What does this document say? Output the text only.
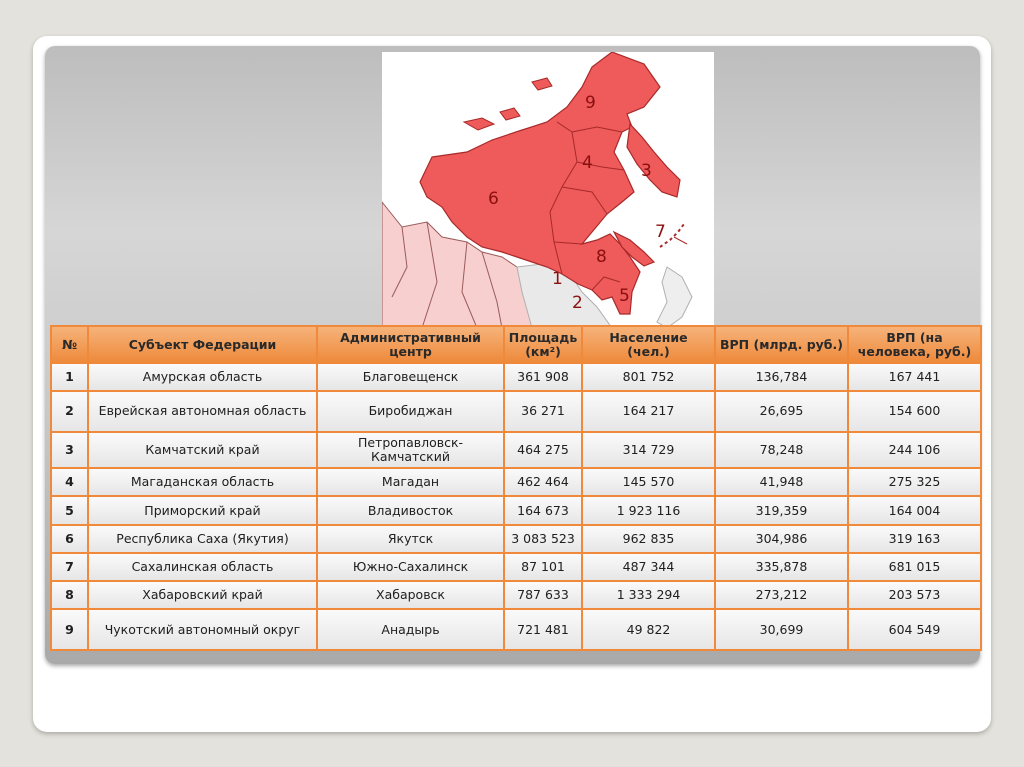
1
2
3
4
5
6
7
8
9
№	Субъект Федерации	Административный центр	Площадь (км²)	Население (чел.)	ВРП (млрд. руб.)	ВРП (на человека, руб.)
1	Амурская область	Благовещенск	361 908	801 752	136,784	167 441
2	Еврейская автономная область	Биробиджан	36 271	164 217	26,695	154 600
3	Камчатский край	Петропавловск-Камчатский	464 275	314 729	78,248	244 106
4	Магаданская область	Магадан	462 464	145 570	41,948	275 325
5	Приморский край	Владивосток	164 673	1 923 116	319,359	164 004
6	Республика Саха (Якутия)	Якутск	3 083 523	962 835	304,986	319 163
7	Сахалинская область	Южно-Сахалинск	87 101	487 344	335,878	681 015
8	Хабаровский край	Хабаровск	787 633	1 333 294	273,212	203 573
9	Чукотский автономный округ	Анадырь	721 481	49 822	30,699	604 549
